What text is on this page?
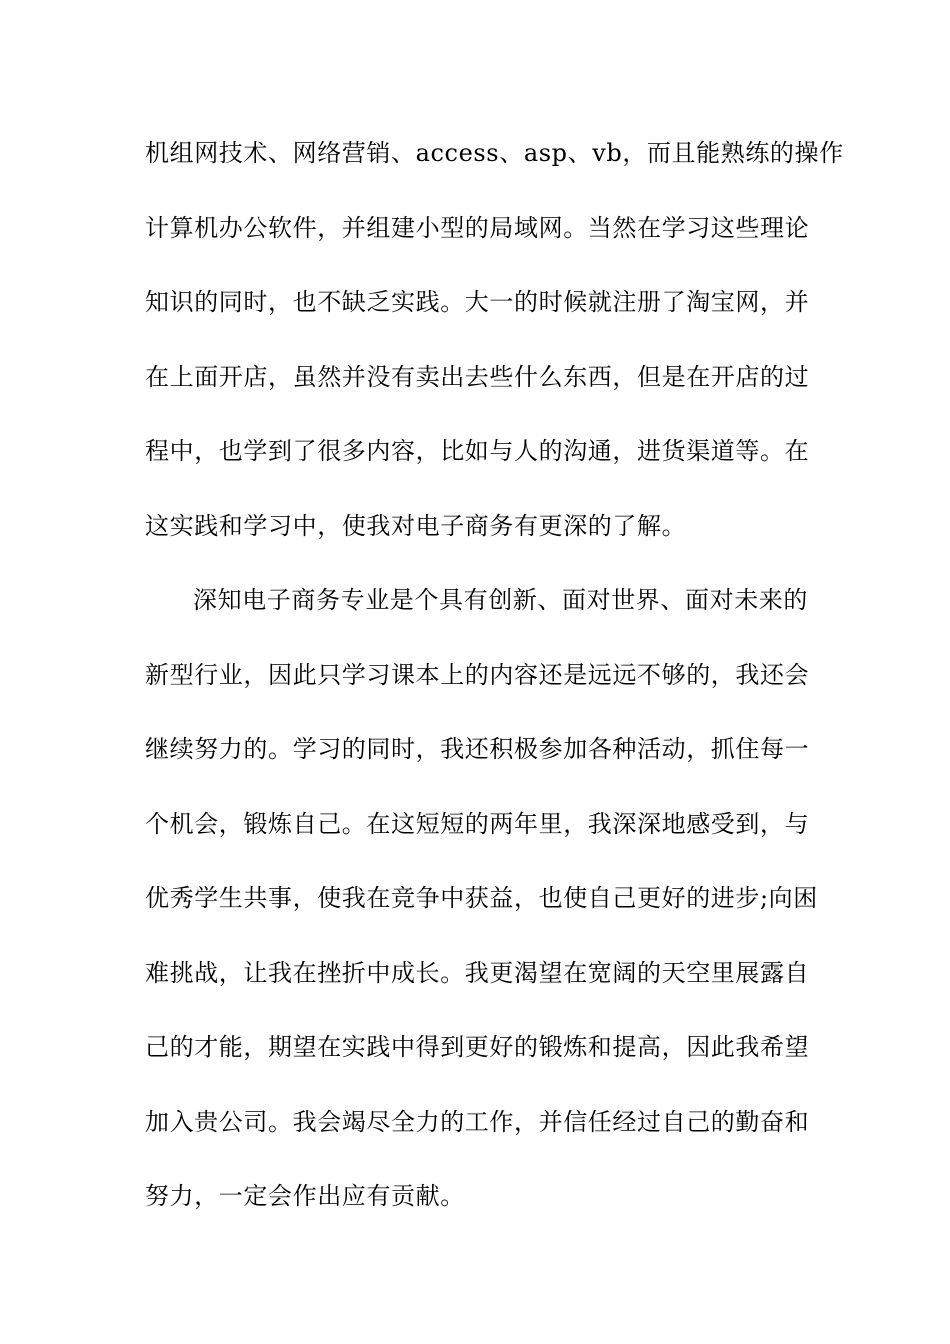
机组网技术、网络营销、access、asp、vb，而且能熟练的操作
计算机办公软件，并组建小型的局域网。当然在学习这些理论
知识的同时，也不缺乏实践。大一的时候就注册了淘宝网，并
在上面开店，虽然并没有卖出去些什么东西，但是在开店的过
程中，也学到了很多内容，比如与人的沟通，进货渠道等。在
这实践和学习中，使我对电子商务有更深的了解。
深知电子商务专业是个具有创新、面对世界、面对未来的
新型行业，因此只学习课本上的内容还是远远不够的，我还会
继续努力的。学习的同时，我还积极参加各种活动，抓住每一
个机会，锻炼自己。在这短短的两年里，我深深地感受到，与
优秀学生共事，使我在竞争中获益，也使自己更好的进步;向困
难挑战，让我在挫折中成长。我更渴望在宽阔的天空里展露自
己的才能，期望在实践中得到更好的锻炼和提高，因此我希望
加入贵公司。我会竭尽全力的工作，并信任经过自己的勤奋和
努力，一定会作出应有贡献。
